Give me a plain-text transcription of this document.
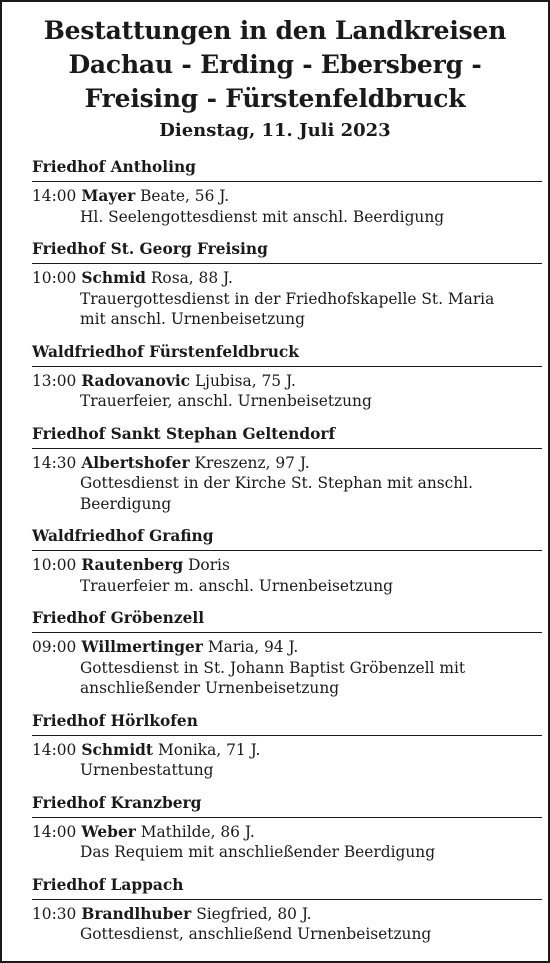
Bestattungen in den Landkreisen
Dachau - Erding - Ebersberg -
Freising - Fürstenfeldbruck
Dienstag, 11. Juli 2023
Friedhof Antholing
14:00 Mayer Beate, 56 J.
Hl. Seelengottesdienst mit anschl. Beerdigung
Friedhof St. Georg Freising
10:00 Schmid Rosa, 88 J.
Trauergottesdienst in der Friedhofskapelle St. Maria
mit anschl. Urnenbeisetzung
Waldfriedhof Fürstenfeldbruck
13:00 Radovanovic Ljubisa, 75 J.
Trauerfeier, anschl. Urnenbeisetzung
Friedhof Sankt Stephan Geltendorf
14:30 Albertshofer Kreszenz, 97 J.
Gottesdienst in der Kirche St. Stephan mit anschl.
Beerdigung
Waldfriedhof Grafing
10:00 Rautenberg Doris
Trauerfeier m. anschl. Urnenbeisetzung
Friedhof Gröbenzell
09:00 Willmertinger Maria, 94 J.
Gottesdienst in St. Johann Baptist Gröbenzell mit
anschließender Urnenbeisetzung
Friedhof Hörlkofen
14:00 Schmidt Monika, 71 J.
Urnenbestattung
Friedhof Kranzberg
14:00 Weber Mathilde, 86 J.
Das Requiem mit anschließender Beerdigung
Friedhof Lappach
10:30 Brandlhuber Siegfried, 80 J.
Gottesdienst, anschließend Urnenbeisetzung
